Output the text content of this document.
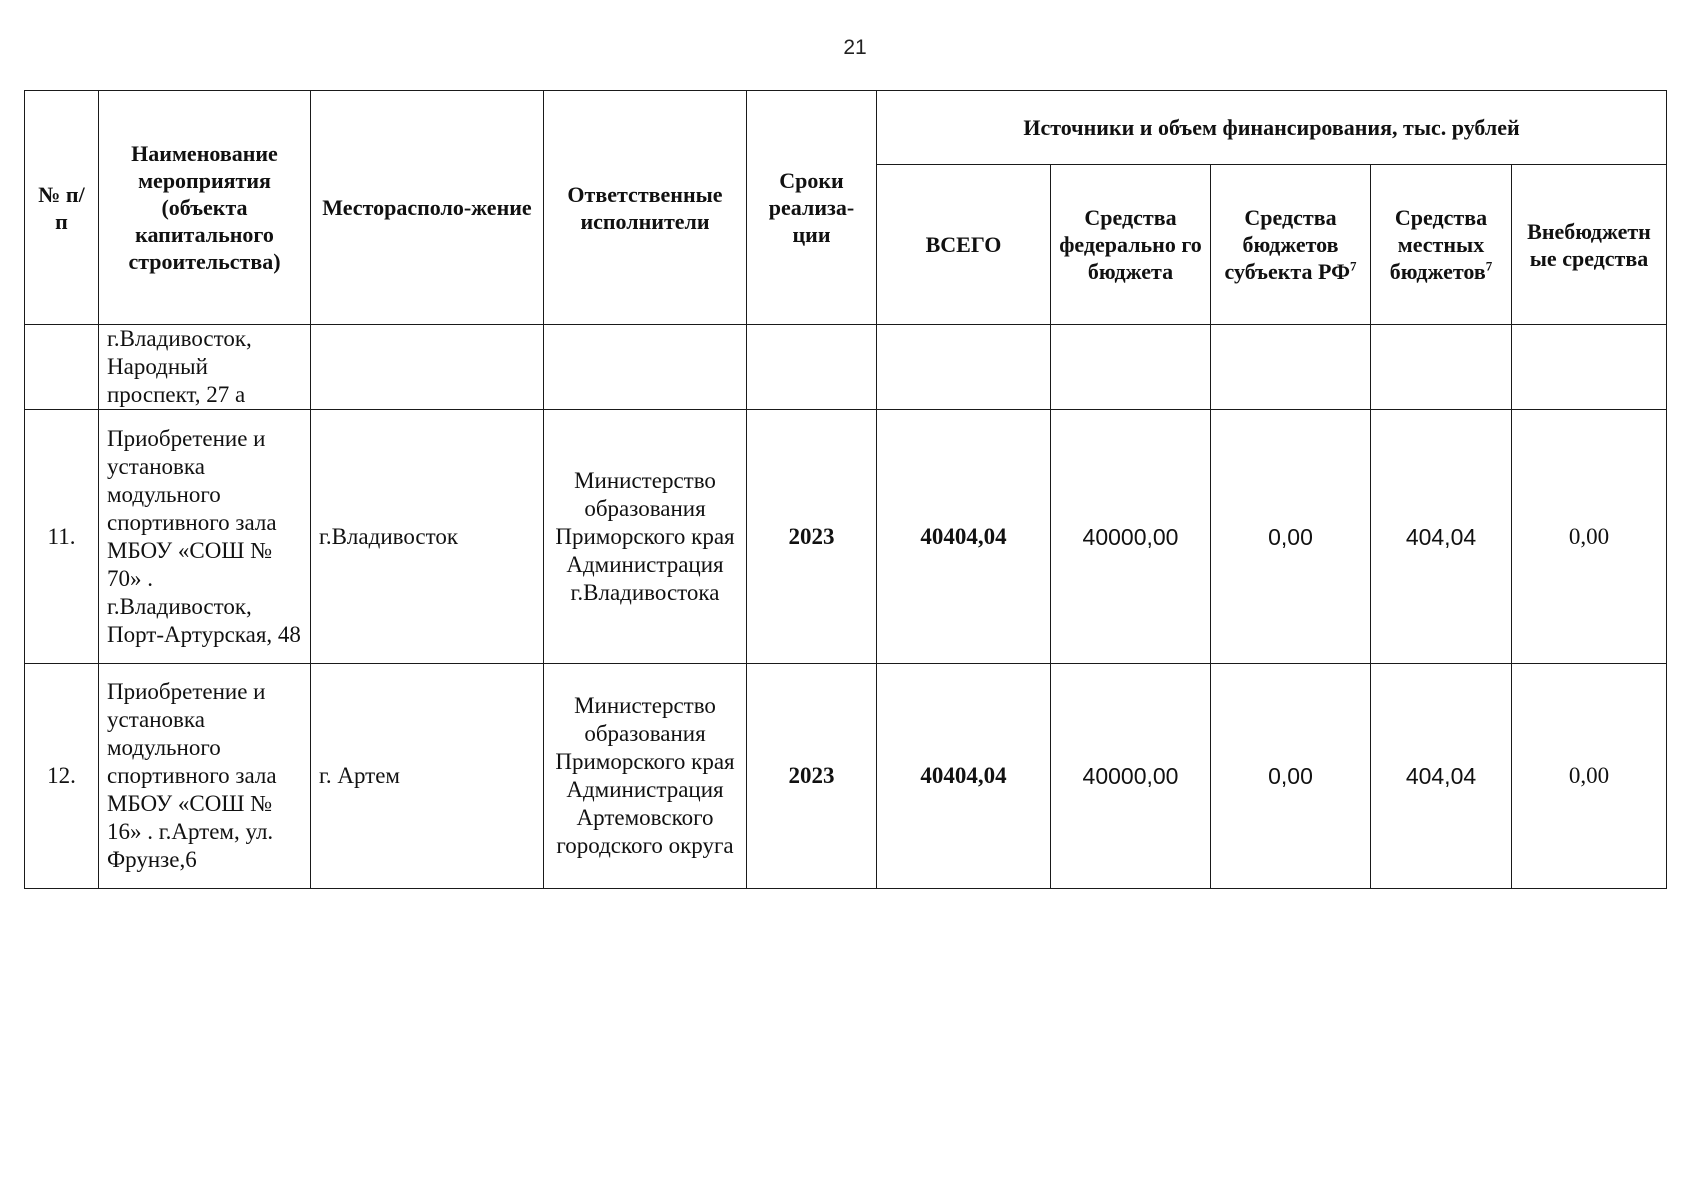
21
№ п/п	Наименование мероприятия (объекта капитального строительства)	Месторасполо-жение	Ответственные исполнители	Сроки реализа-ции	Источники и объем финансирования, тыс. рублей				
					ВСЕГО	Средства федерально го бюджета	Средства бюджетов субъекта $РФ^7$	Средства местных бюджетов$^7$	Внебюджетн ые средства
	г.Владивосток, Народный проспект, 27 а								
11.	Приобретение и установка модульного спортивного зала МБОУ «СОШ № 70» . г.Владивосток, Порт-Артурская, 48	г.Владивосток	Министерство образования Приморского края Администрация г.Владивостока	2023	40404,04	40000,00	0,00	404,04	0,00
12.	Приобретение и установка модульного спортивного зала МБОУ «СОШ № 16» . г.Артем, ул. Фрунзе,6	г. Артем	Министерство образования Приморского края Администрация Артемовского городского округа	2023	40404,04	40000,00	0,00	404,04	0,00
